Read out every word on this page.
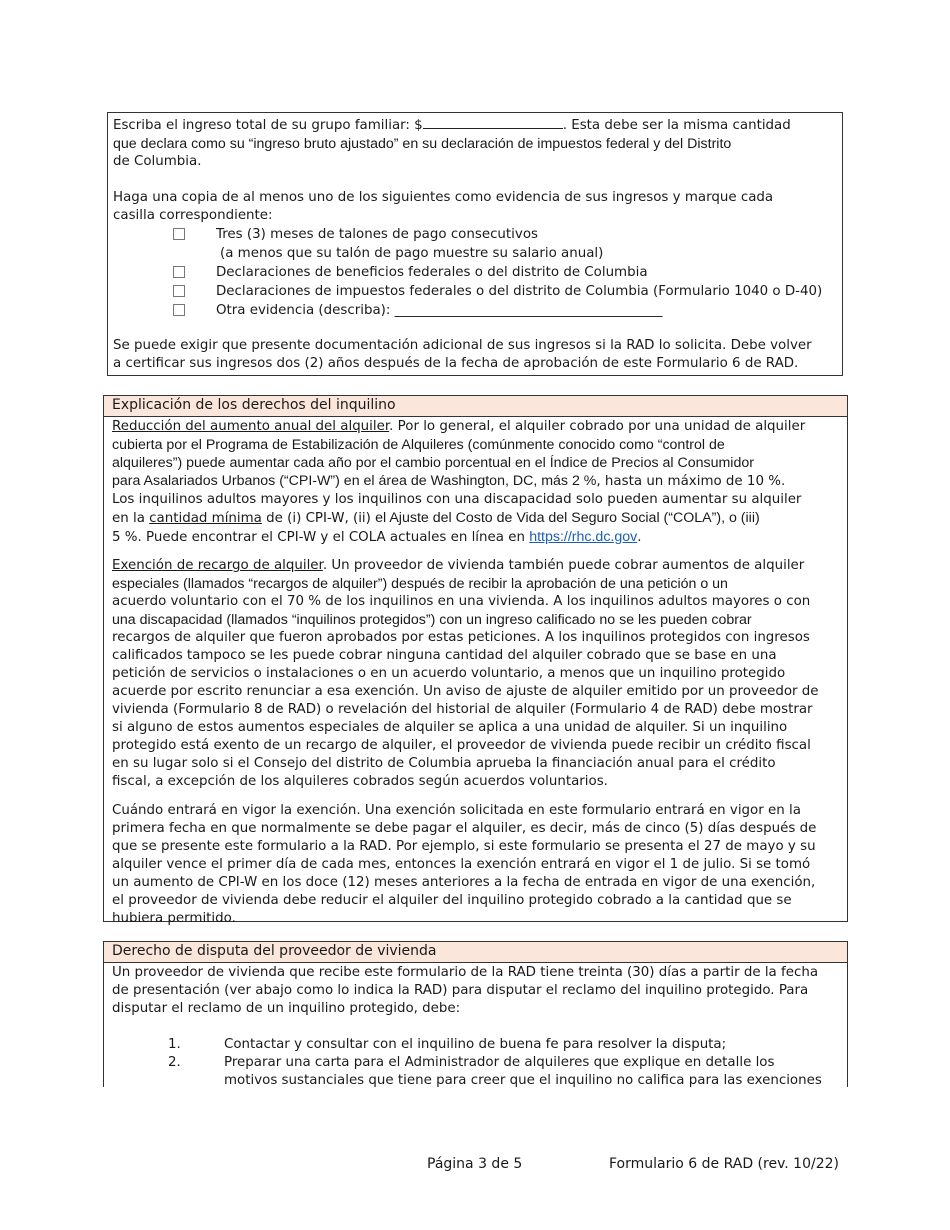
Escriba el ingreso total de su grupo familiar: $	. Esta debe ser la misma cantidad

que declara como su “ingreso bruto ajustado” en su declaración de impuestos federal y del Distrito

de Columbia.

Haga una copia de al menos uno de los siguientes como evidencia de sus ingresos y marque cada

casilla correspondiente:

Tres (3) meses de talones de pago consecutivos
(a menos que su talón de pago muestre su salario anual)
Declaraciones de beneficios federales o del distrito de Columbia
Declaraciones de impuestos federales o del distrito de Columbia (Formulario 1040 o D-40)
Otra evidencia (describa): ________________________________________

Se puede exigir que presente documentación adicional de sus ingresos si la RAD lo solicita. Debe volver

a certificar sus ingresos dos (2) años después de la fecha de aprobación de este Formulario 6 de RAD.

Explicación de los derechos del inquilino

Reducción del aumento anual del alquiler. Por lo general, el alquiler cobrado por una unidad de alquiler

cubierta por el Programa de Estabilización de Alquileres (comúnmente conocido como “control de

alquileres”) puede aumentar cada año por el cambio porcentual en el Índice de Precios al Consumidor

para Asalariados Urbanos (“CPI-W”) en el área de Washington, DC, más 2 %, hasta un máximo de 10 %.

Los inquilinos adultos mayores y los inquilinos con una discapacidad solo pueden aumentar su alquiler

en la cantidad mínima de (i) CPI-W, (ii) el Ajuste del Costo de Vida del Seguro Social (“COLA”), o (iii)

5 %. Puede encontrar el CPI-W y el COLA actuales en línea en https://rhc.dc.gov.

Exención de recargo de alquiler. Un proveedor de vivienda también puede cobrar aumentos de alquiler

especiales (llamados “recargos de alquiler”) después de recibir la aprobación de una petición o un

acuerdo voluntario con el 70 % de los inquilinos en una vivienda. A los inquilinos adultos mayores o con

una discapacidad (llamados “inquilinos protegidos”) con un ingreso calificado no se les pueden cobrar

recargos de alquiler que fueron aprobados por estas peticiones. A los inquilinos protegidos con ingresos

calificados tampoco se les puede cobrar ninguna cantidad del alquiler cobrado que se base en una

petición de servicios o instalaciones o en un acuerdo voluntario, a menos que un inquilino protegido

acuerde por escrito renunciar a esa exención. Un aviso de ajuste de alquiler emitido por un proveedor de

vivienda (Formulario 8 de RAD) o revelación del historial de alquiler (Formulario 4 de RAD) debe mostrar

si alguno de estos aumentos especiales de alquiler se aplica a una unidad de alquiler. Si un inquilino

protegido está exento de un recargo de alquiler, el proveedor de vivienda puede recibir un crédito fiscal

en su lugar solo si el Consejo del distrito de Columbia aprueba la financiación anual para el crédito

fiscal, a excepción de los alquileres cobrados según acuerdos voluntarios.

Cuándo entrará en vigor la exención. Una exención solicitada en este formulario entrará en vigor en la

primera fecha en que normalmente se debe pagar el alquiler, es decir, más de cinco (5) días después de

que se presente este formulario a la RAD. Por ejemplo, si este formulario se presenta el 27 de mayo y su

alquiler vence el primer día de cada mes, entonces la exención entrará en vigor el 1 de julio. Si se tomó

un aumento de CPI-W en los doce (12) meses anteriores a la fecha de entrada en vigor de una exención,

el proveedor de vivienda debe reducir el alquiler del inquilino protegido cobrado a la cantidad que se

hubiera permitido.

Derecho de disputa del proveedor de vivienda

Un proveedor de vivienda que recibe este formulario de la RAD tiene treinta (30) días a partir de la fecha

de presentación (ver abajo como lo indica la RAD) para disputar el reclamo del inquilino protegido. Para

disputar el reclamo de un inquilino protegido, debe:

1.	Contactar y consultar con el inquilino de buena fe para resolver la disputa;
2.	Preparar una carta para el Administrador de alquileres que explique en detalle los
motivos sustanciales que tiene para creer que el inquilino no califica para las exenciones
Página 3 de 5	Formulario 6 de RAD (rev. 10/22)
